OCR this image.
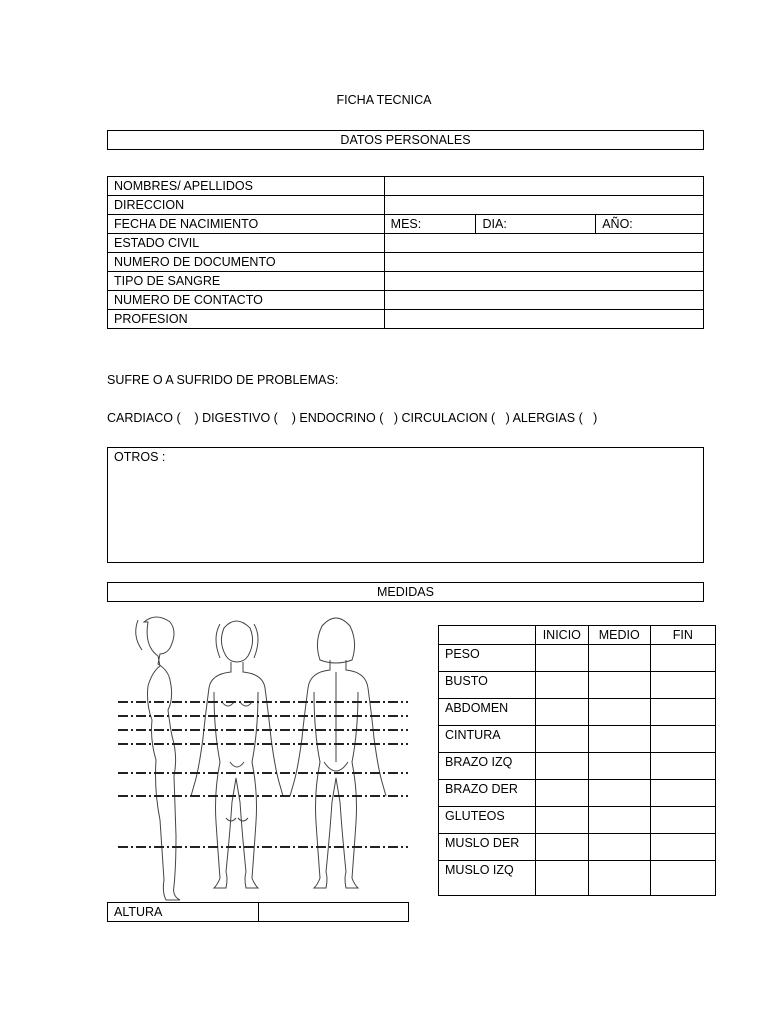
FICHA TECNICA
DATOS PERSONALES
NOMBRES/ APELLIDOS			
DIRECCION			
FECHA DE NACIMIENTO	MES:	DIA:	AÑO:
ESTADO CIVIL			
NUMERO DE DOCUMENTO			
TIPO DE SANGRE			
NUMERO DE CONTACTO			
PROFESION			
SUFRE O A SUFRIDO DE PROBLEMAS:
CARDIACO (    ) DIGESTIVO (    ) ENDOCRINO (   ) CIRCULACION (   ) ALERGIAS (   )
OTROS :
MEDIDAS
ALTURA	
	INICIO	MEDIO	FIN
PESO			
BUSTO			
ABDOMEN			
CINTURA			
BRAZO IZQ			
BRAZO DER			
GLUTEOS			
MUSLO DER			
MUSLO IZQ			
